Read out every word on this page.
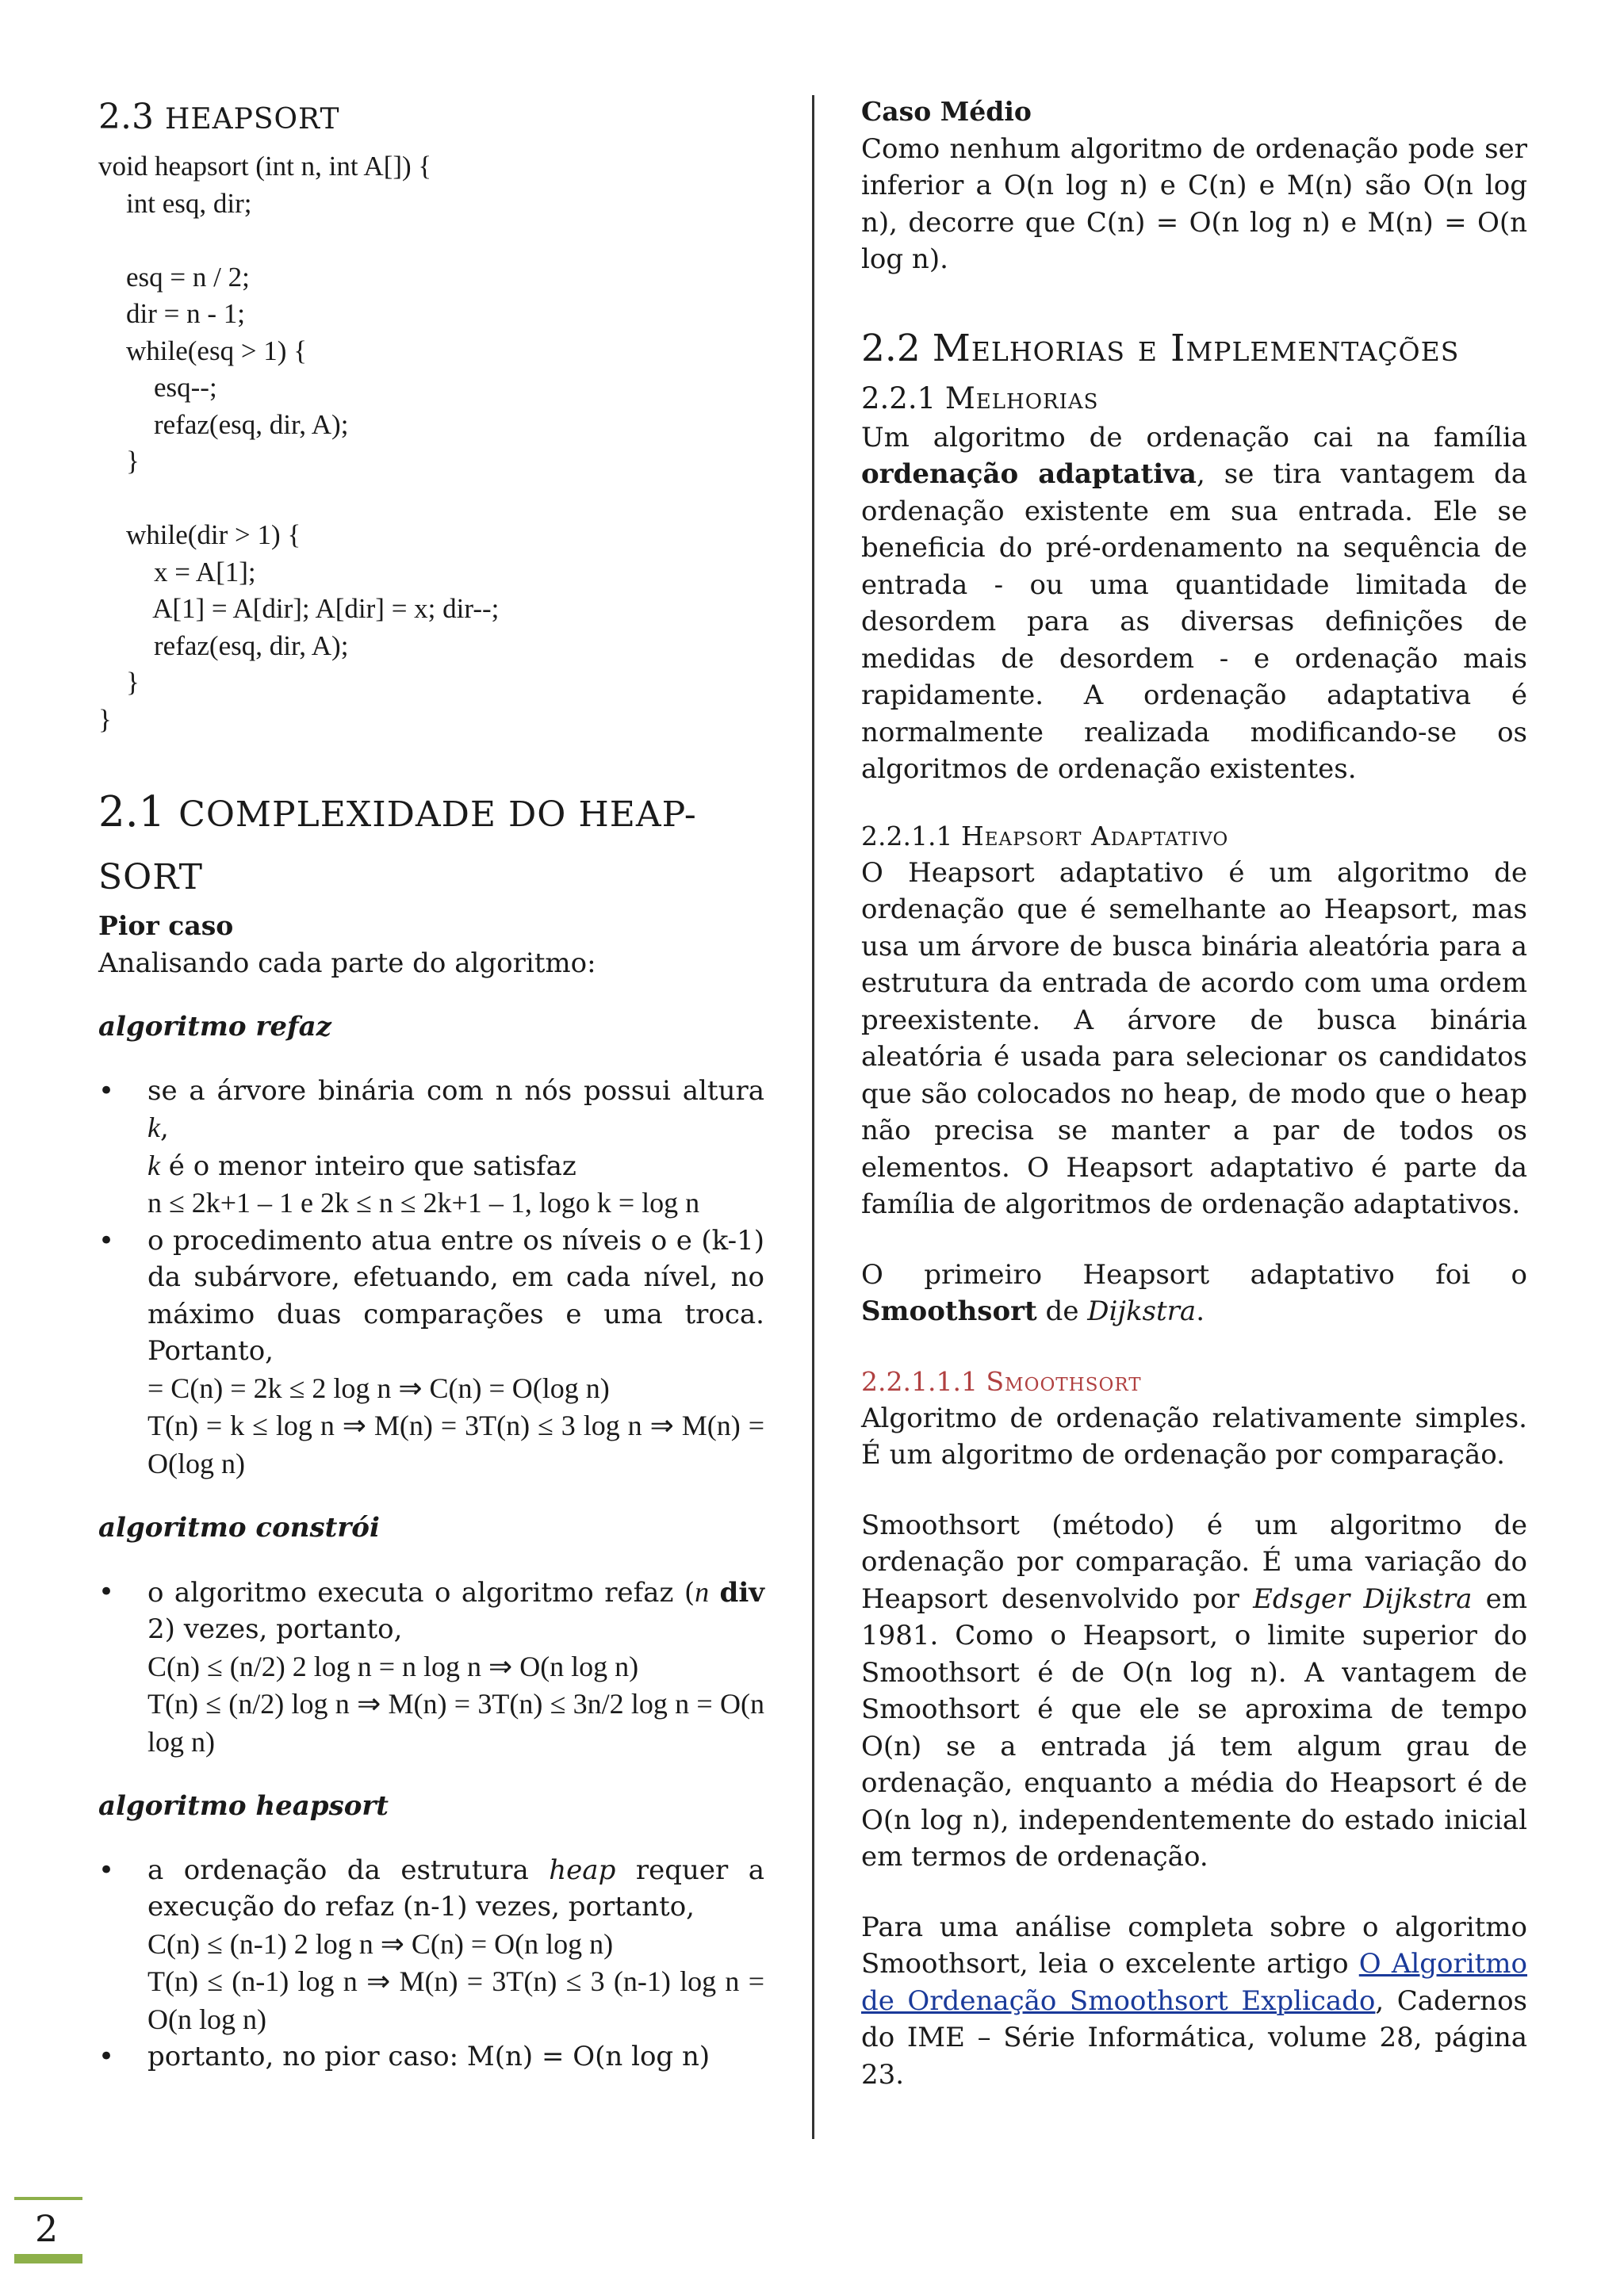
2.3 HEAPSORT
void heapsort (int n, int A[]) {
int esq, dir;
esq = n / 2;
dir = n - 1;
while(esq > 1) {
esq--;
refaz(esq, dir, A);
}
while(dir > 1) {
x = A[1];
A[1] = A[dir]; A[dir] = x; dir--;
refaz(esq, dir, A);
}
}
2.1 COMPLEXIDADE DO HEAP-
SORT

Pior caso

Analisando cada parte do algoritmo:

algoritmo refaz

• se a árvore binária com n nós possui altura k,
k é o menor inteiro que satisfaz
n ≤ 2k+1 – 1 e 2k ≤ n ≤ 2k+1 – 1, logo k = log n
• o procedimento atua entre os níveis o e (k-1) da subárvore, efetuando, em cada nível, no máximo duas comparações e uma troca. Portanto,
= C(n) = 2k ≤ 2 log n ⇒ C(n) = O(log n)
T(n) = k ≤ log n ⇒ M(n) = 3T(n) ≤ 3 log n ⇒ M(n) = O(log n)

algoritmo constrói

• o algoritmo executa o algoritmo refaz (n div 2) vezes, portanto,
C(n) ≤ (n/2) 2 log n = n log n ⇒ O(n log n)
T(n) ≤ (n/2) log n ⇒ M(n) = 3T(n) ≤ 3n/2 log n = O(n log n)

algoritmo heapsort

• a ordenação da estrutura heap requer a execução do refaz (n-1) vezes, portanto,
C(n) ≤ (n-1) 2 log n ⇒ C(n) = O(n log n)
T(n) ≤ (n-1) log n ⇒ M(n) = 3T(n) ≤ 3 (n-1) log n = O(n log n)
• portanto, no pior caso: M(n) = O(n log n)

Caso Médio

Como nenhum algoritmo de ordenação pode ser inferior a O(n log n) e C(n) e M(n) são O(n log n), decorre que C(n) = O(n log n) e M(n) = O(n log n).

2.2 Melhorias e Implementações
2.2.1 Melhorias

Um algoritmo de ordenação cai na família ordenação adaptativa, se tira vantagem da ordenação existente em sua entrada. Ele se beneficia do pré-ordenamento na sequência de entrada - ou uma quantidade limitada de desordem para as diversas definições de medidas de desordem - e ordenação mais rapidamente. A ordenação adaptativa é normalmente realizada modificando-se os algoritmos de ordenação existentes.

2.2.1.1 Heapsort Adaptativo

O Heapsort adaptativo é um algoritmo de ordenação que é semelhante ao Heapsort, mas usa um árvore de busca binária aleatória para a estrutura da entrada de acordo com uma ordem preexistente. A árvore de busca binária aleatória é usada para selecionar os candidatos que são colocados no heap, de modo que o heap não precisa se manter a par de todos os elementos. O Heapsort adaptativo é parte da família de algoritmos de ordenação adaptativos.

O primeiro Heapsort adaptativo foi o Smoothsort de Dijkstra.

2.2.1.1.1 Smoothsort

Algoritmo de ordenação relativamente simples. É um algoritmo de ordenação por comparação.

Smoothsort (método) é um algoritmo de ordenação por comparação. É uma variação do Heapsort desenvolvido por Edsger Dijkstra em 1981. Como o Heapsort, o limite superior do Smoothsort é de O(n log n). A vantagem de Smoothsort é que ele se aproxima de tempo O(n) se a entrada já tem algum grau de ordenação, enquanto a média do Heapsort é de O(n log n), independentemente do estado inicial em termos de ordenação.

Para uma análise completa sobre o algoritmo Smoothsort, leia o excelente artigo O Algoritmo de Ordenação Smoothsort Explicado, Cadernos do IME – Série Informática, volume 28, página 23.

2
